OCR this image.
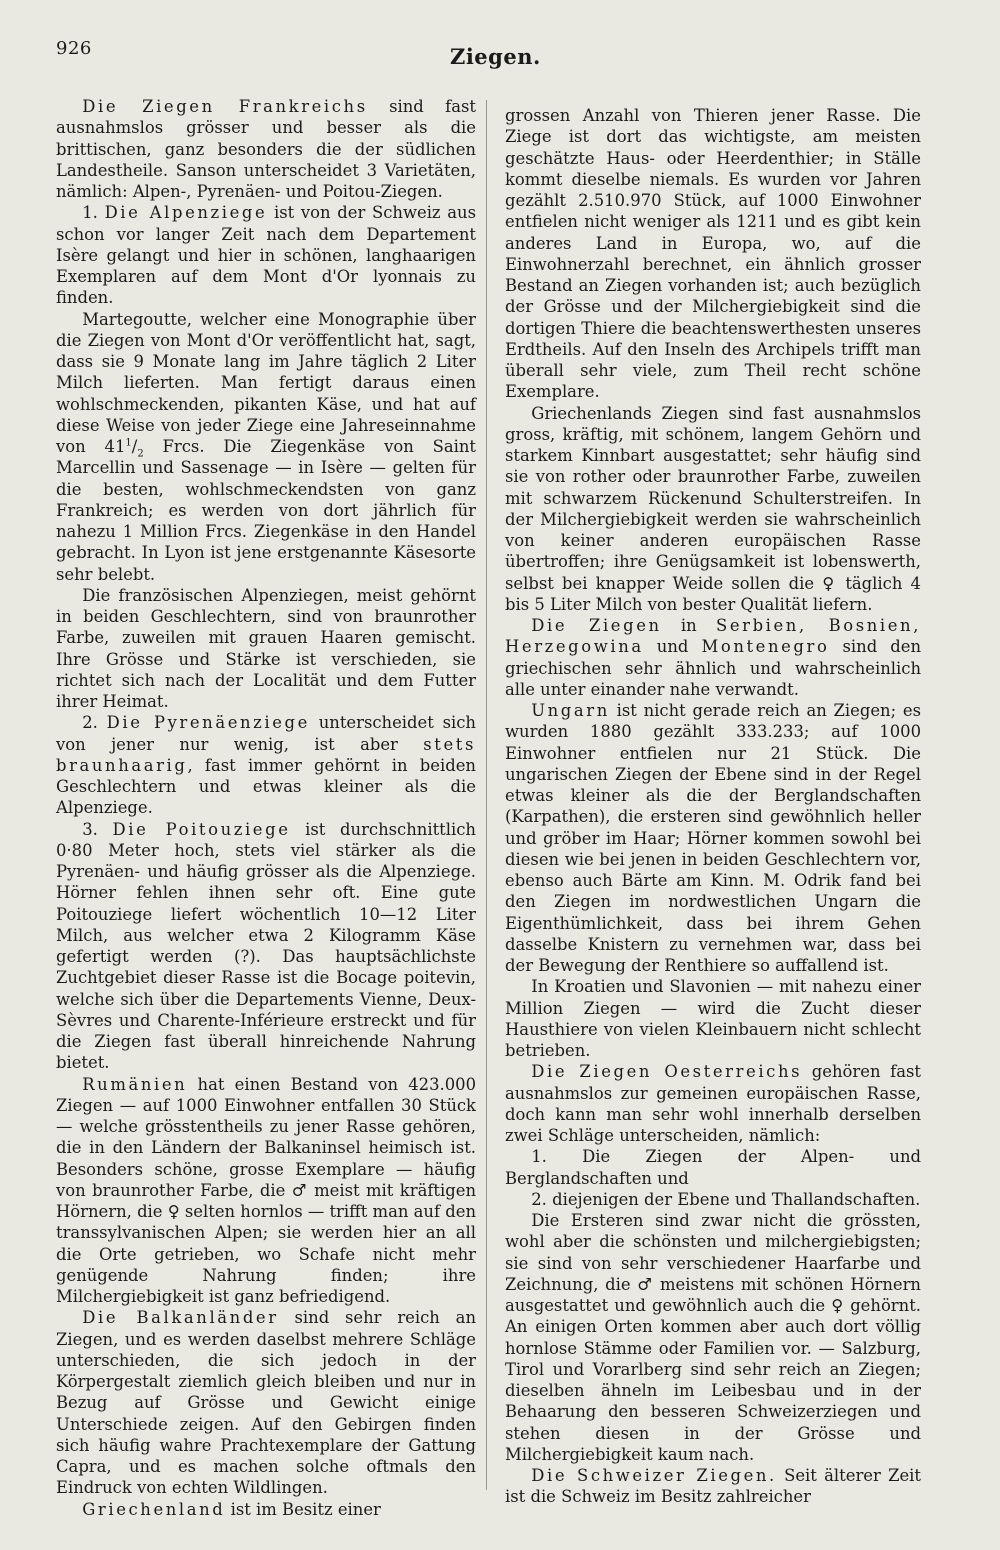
926	Ziegen.

Die Ziegen Frankreichs sind fast ausnahmslos grösser und besser als die brittischen, ganz besonders die der südlichen Landestheile. Sanson unterscheidet 3 Varietäten, nämlich: Alpen-, Pyrenäen- und Poitou-Ziegen.

1. Die Alpenziege ist von der Schweiz aus schon vor langer Zeit nach dem Departement Isère gelangt und hier in schönen, langhaarigen Exemplaren auf dem Mont d'Or lyonnais zu finden.

Martegoutte, welcher eine Monographie über die Ziegen von Mont d'Or veröffentlicht hat, sagt, dass sie 9 Monate lang im Jahre täglich 2 Liter Milch lieferten. Man fertigt daraus einen wohlschmeckenden, pikanten Käse, und hat auf diese Weise von jeder Ziege eine Jahreseinnahme von $41^1/_2$ Frcs. Die Ziegenkäse von Saint Marcellin und Sassenage — in Isère — gelten für die besten, wohlschmeckendsten von ganz Frankreich; es werden von dort jährlich für nahezu 1 Million Frcs. Ziegenkäse in den Handel gebracht. In Lyon ist jene erstgenannte Käsesorte sehr belebt.

Die französischen Alpenziegen, meist gehörnt in beiden Geschlechtern, sind von braunrother Farbe, zuweilen mit grauen Haaren gemischt. Ihre Grösse und Stärke ist verschieden, sie richtet sich nach der Localität und dem Futter ihrer Heimat.

2. Die Pyrenäenziege unterscheidet sich von jener nur wenig, ist aber stets braunhaarig, fast immer gehörnt in beiden Geschlechtern und etwas kleiner als die Alpenziege.

3. Die Poitouziege ist durchschnittlich 0·80 Meter hoch, stets viel stärker als die Pyrenäen- und häufig grösser als die Alpenziege. Hörner fehlen ihnen sehr oft. Eine gute Poitouziege liefert wöchentlich 10—12 Liter Milch, aus welcher etwa 2 Kilogramm Käse gefertigt werden (?). Das hauptsächlichste Zuchtgebiet dieser Rasse ist die Bocage poitevin, welche sich über die Departements Vienne, Deux-Sèvres und Charente-Inférieure erstreckt und für die Ziegen fast überall hinreichende Nahrung bietet.

Rumänien hat einen Bestand von 423.000 Ziegen — auf 1000 Einwohner entfallen 30 Stück — welche grösstentheils zu jener Rasse gehören, die in den Ländern der Balkaninsel heimisch ist. Besonders schöne, grosse Exemplare — häufig von braunrother Farbe, die ♂ meist mit kräftigen Hörnern, die ♀ selten hornlos — trifft man auf den transsylvanischen Alpen; sie werden hier an all die Orte getrieben, wo Schafe nicht mehr genügende Nahrung finden; ihre Milchergiebigkeit ist ganz befriedigend.

Die Balkanländer sind sehr reich an Ziegen, und es werden daselbst mehrere Schläge unterschieden, die sich jedoch in der Körpergestalt ziemlich gleich bleiben und nur in Bezug auf Grösse und Gewicht einige Unterschiede zeigen. Auf den Gebirgen finden sich häufig wahre Prachtexemplare der Gattung Capra, und es machen solche oftmals den Eindruck von echten Wildlingen.

Griechenland ist im Besitz einer

grossen Anzahl von Thieren jener Rasse. Die Ziege ist dort das wichtigste, am meisten geschätzte Haus- oder Heerdenthier; in Ställe kommt dieselbe niemals. Es wurden vor Jahren gezählt 2.510.970 Stück, auf 1000 Einwohner entfielen nicht weniger als 1211 und es gibt kein anderes Land in Europa, wo, auf die Einwohnerzahl berechnet, ein ähnlich grosser Bestand an Ziegen vorhanden ist; auch bezüglich der Grösse und der Milchergiebigkeit sind die dortigen Thiere die beachtenswerthesten unseres Erdtheils. Auf den Inseln des Archipels trifft man überall sehr viele, zum Theil recht schöne Exemplare.

Griechenlands Ziegen sind fast ausnahmslos gross, kräftig, mit schönem, langem Gehörn und starkem Kinnbart ausgestattet; sehr häufig sind sie von rother oder braunrother Farbe, zuweilen mit schwarzem Rückenund Schulterstreifen. In der Milchergiebigkeit werden sie wahrscheinlich von keiner anderen europäischen Rasse übertroffen; ihre Genügsamkeit ist lobenswerth, selbst bei knapper Weide sollen die ♀ täglich 4 bis 5 Liter Milch von bester Qualität liefern.

Die Ziegen in Serbien, Bosnien, Herzegowina und Montenegro sind den griechischen sehr ähnlich und wahrscheinlich alle unter einander nahe verwandt.

Ungarn ist nicht gerade reich an Ziegen; es wurden 1880 gezählt 333.233; auf 1000 Einwohner entfielen nur 21 Stück. Die ungarischen Ziegen der Ebene sind in der Regel etwas kleiner als die der Berglandschaften (Karpathen), die ersteren sind gewöhnlich heller und gröber im Haar; Hörner kommen sowohl bei diesen wie bei jenen in beiden Geschlechtern vor, ebenso auch Bärte am Kinn. M. Odrik fand bei den Ziegen im nordwestlichen Ungarn die Eigenthümlichkeit, dass bei ihrem Gehen dasselbe Knistern zu vernehmen war, dass bei der Bewegung der Renthiere so auffallend ist.

In Kroatien und Slavonien — mit nahezu einer Million Ziegen — wird die Zucht dieser Hausthiere von vielen Kleinbauern nicht schlecht betrieben.

Die Ziegen Oesterreichs gehören fast ausnahmslos zur gemeinen europäischen Rasse, doch kann man sehr wohl innerhalb derselben zwei Schläge unterscheiden, nämlich:

1. Die Ziegen der Alpen- und Berglandschaften und

2. diejenigen der Ebene und Thallandschaften.

Die Ersteren sind zwar nicht die grössten, wohl aber die schönsten und milchergiebigsten; sie sind von sehr verschiedener Haarfarbe und Zeichnung, die ♂ meistens mit schönen Hörnern ausgestattet und gewöhnlich auch die ♀ gehörnt. An einigen Orten kommen aber auch dort völlig hornlose Stämme oder Familien vor. — Salzburg, Tirol und Vorarlberg sind sehr reich an Ziegen; dieselben ähneln im Leibesbau und in der Behaarung den besseren Schweizerziegen und stehen diesen in der Grösse und Milchergiebigkeit kaum nach.

Die Schweizer Ziegen. Seit älterer Zeit ist die Schweiz im Besitz zahlreicher
